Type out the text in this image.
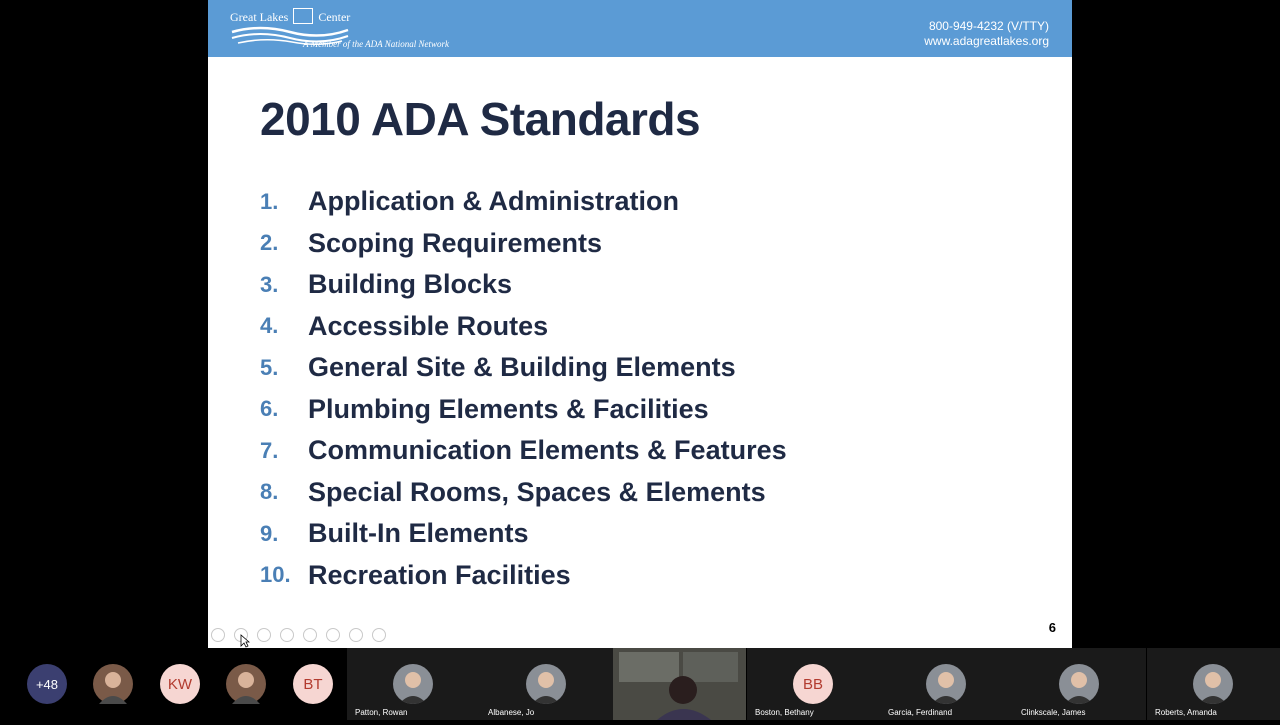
Great Lakes	Center
A Member of the ADA National Network
800-949-4232 (V/TTY)
www.adagreatlakes.org
2010 ADA Standards
1.	Application & Administration
2.	Scoping Requirements
3.	Building Blocks
4.	Accessible Routes
5.	General Site & Building Elements
6.	Plumbing Elements & Facilities
7.	Communication Elements & Features
8.	Special Rooms, Spaces & Elements
9.	Built-In Elements
10. Recreation Facilities
6
+48	KW	BT
Patton, Rowan	Albanese, Jo
BB
Boston, Bethany	Garcia, Ferdinand	Clinkscale, James	Roberts, Amanda
